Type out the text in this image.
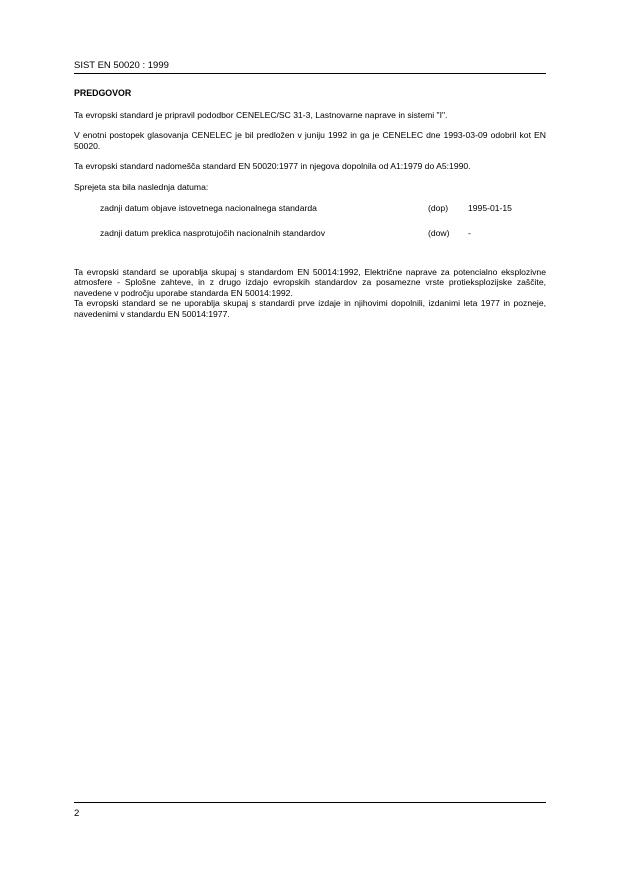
SIST EN 50020 : 1999
PREDGOVOR

Ta evropski standard je pripravil pododbor CENELEC/SC 31-3, Lastnovarne naprave in sistemi "I".

V enotni postopek glasovanja CENELEC je bil predložen v juniju 1992 in ga je CENELEC dne 1993-03-09 odobril kot EN 50020.

Ta evropski standard nadomešča standard EN 50020:1977 in njegova dopolnila od A1:1979 do A5:1990.

Sprejeta sta bila naslednja datuma:

zadnji datum objave istovetnega nacionalnega standarda	(dop)	1995-01-15
zadnji datum preklica nasprotujočih nacionalnih standardov	(dow)	-

Ta evropski standard se uporablja skupaj s standardom EN 50014:1992, Električne naprave za potencialno eksplozivne atmosfere - Splošne zahteve, in z drugo izdajo evropskih standardov za posamezne vrste protieksplozijske zaščite, navedene v področju uporabe standarda EN 50014:1992.

Ta evropski standard se ne uporablja skupaj s standardi prve izdaje in njihovimi dopolnili, izdanimi leta 1977 in pozneje, navedenimi v standardu EN 50014:1977.

2
